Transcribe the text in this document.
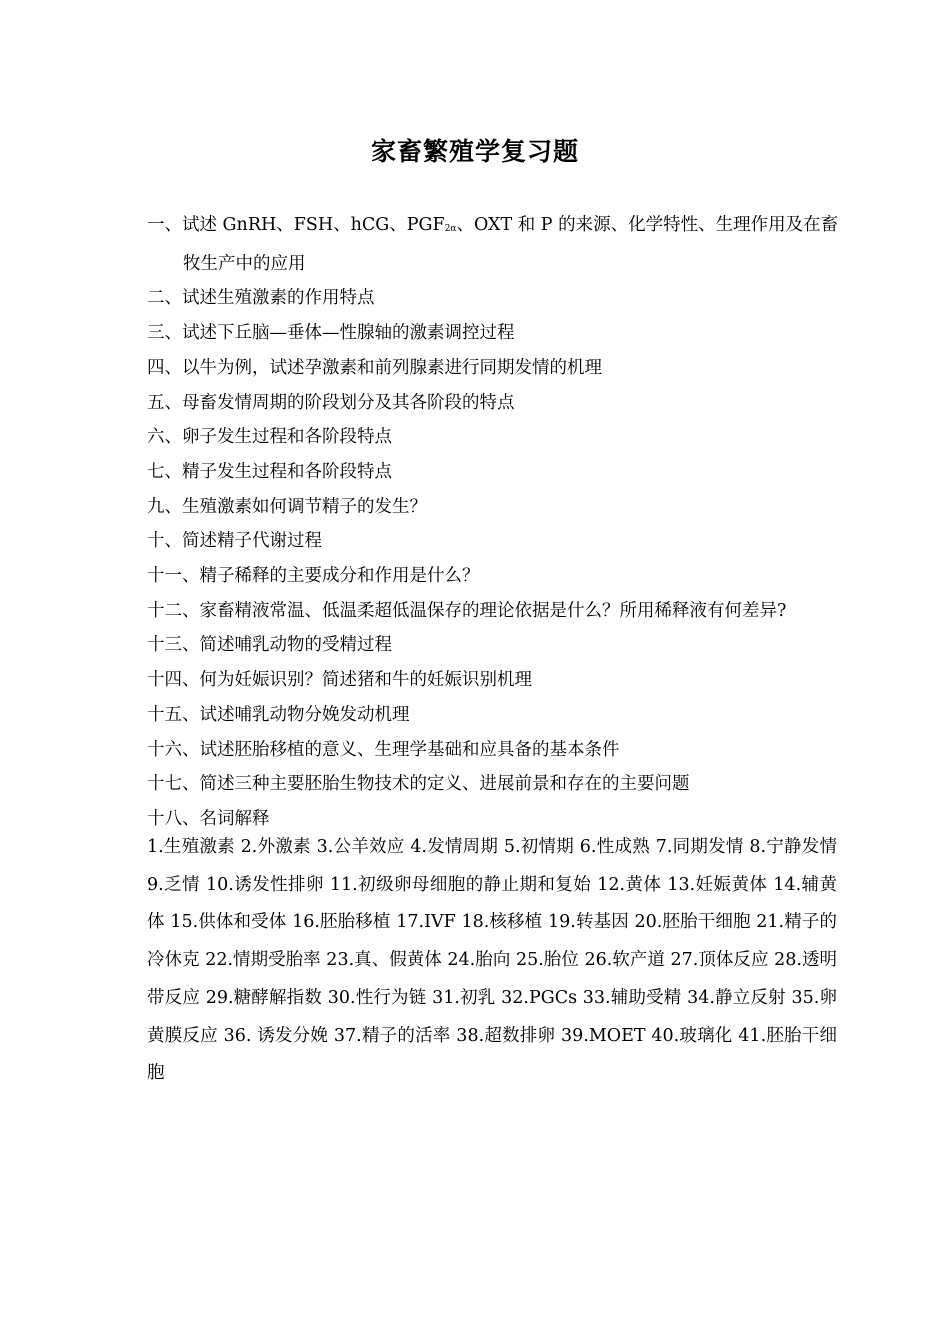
家畜繁殖学复习题
一、试述 GnRH、FSH、hCG、$PGF_{2\alpha}$、OXT 和 P 的来源、化学特性、生理作用及在畜牧生产中的应用
二、试述生殖激素的作用特点
三、试述下丘脑—垂体—性腺轴的激素调控过程
四、以牛为例，试述孕激素和前列腺素进行同期发情的机理
五、母畜发情周期的阶段划分及其各阶段的特点
六、卵子发生过程和各阶段特点
七、精子发生过程和各阶段特点
九、生殖激素如何调节精子的发生？
十、简述精子代谢过程
十一、精子稀释的主要成分和作用是什么？
十二、家畜精液常温、低温柔超低温保存的理论依据是什么？所用稀释液有何差异?
十三、简述哺乳动物的受精过程
十四、何为妊娠识别？简述猪和牛的妊娠识别机理
十五、试述哺乳动物分娩发动机理
十六、试述胚胎移植的意义、生理学基础和应具备的基本条件
十七、简述三种主要胚胎生物技术的定义、进展前景和存在的主要问题
十八、名词解释
1.生殖激素 2.外激素 3.公羊效应 4.发情周期 5.初情期 6.性成熟 7.同期发情 8.宁静发情 9.乏情 10.诱发性排卵 11.初级卵母细胞的静止期和复始 12.黄体 13.妊娠黄体 14.辅黄体 15.供体和受体 16.胚胎移植 17.IVF 18.核移植 19.转基因 20.胚胎干细胞 21.精子的冷休克 22.情期受胎率 23.真、假黄体 24.胎向 25.胎位 26.软产道 27.顶体反应 28.透明带反应 29.糖酵解指数 30.性行为链 31.初乳 32.PGCs 33.辅助受精 34.静立反射 35.卵黄膜反应 36. 诱发分娩 37.精子的活率 38.超数排卵 39.MOET 40.玻璃化 41.胚胎干细胞
